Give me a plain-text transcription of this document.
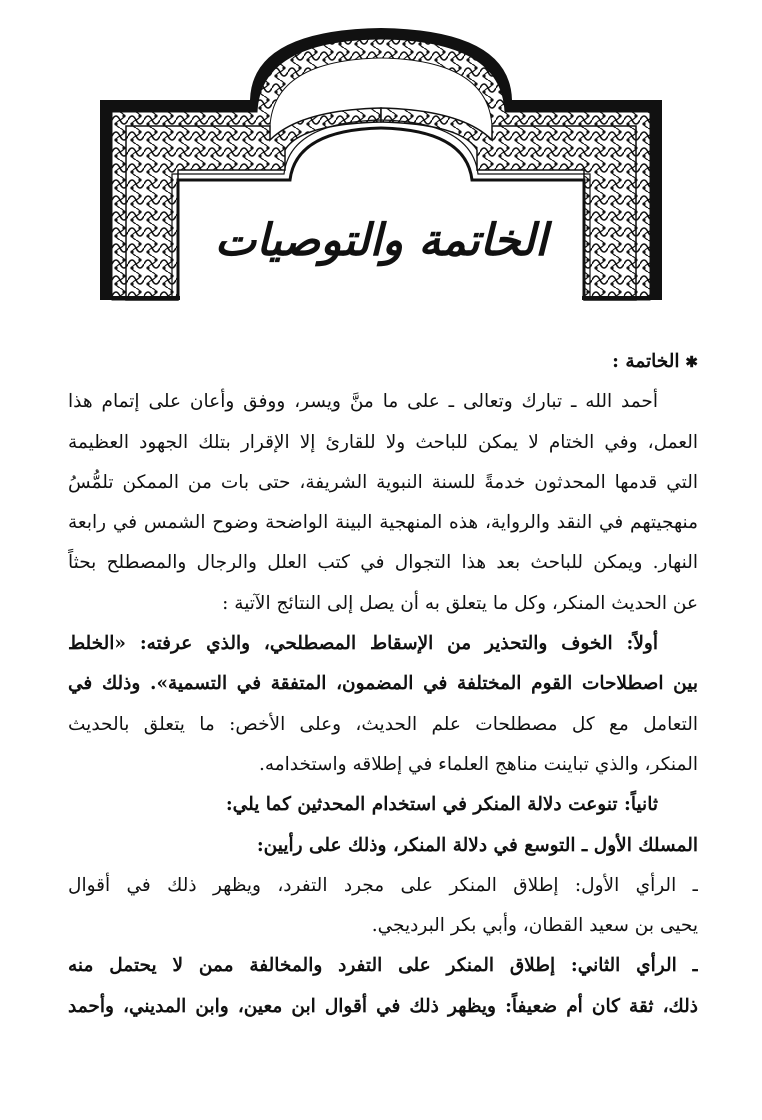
الخاتمة والتوصيات
✱ الخاتمة :
أحمد الله ـ تبارك وتعالى ـ على ما منَّ ويسر، ووفق وأعان على إتمام هذا
العمل، وفي الختام لا يمكن للباحث ولا للقارئ إلا الإقرار بتلك الجهود العظيمة
التي قدمها المحدثون خدمةً للسنة النبوية الشريفة، حتى بات من الممكن تلمُّسُ
منهجيتهم في النقد والرواية، هذه المنهجية البينة الواضحة وضوح الشمس في رابعة
النهار. ويمكن للباحث بعد هذا التجوال في كتب العلل والرجال والمصطلح بحثاً
عن الحديث المنكر، وكل ما يتعلق به أن يصل إلى النتائج الآتية :
أولاً: الخوف والتحذير من الإسقاط المصطلحي، والذي عرفته: «الخلط
بين اصطلاحات القوم المختلفة في المضمون، المتفقة في التسمية». وذلك في
التعامل مع كل مصطلحات علم الحديث، وعلى الأخص: ما يتعلق بالحديث
المنكر، والذي تباينت مناهج العلماء في إطلاقه واستخدامه.
ثانياً: تنوعت دلالة المنكر في استخدام المحدثين كما يلي:
المسلك الأول ـ التوسع في دلالة المنكر، وذلك على رأيين:
ـ الرأي الأول: إطلاق المنكر على مجرد التفرد، ويظهر ذلك في أقوال
يحيى بن سعيد القطان، وأبي بكر البرديجي.
ـ الرأي الثاني: إطلاق المنكر على التفرد والمخالفة ممن لا يحتمل منه
ذلك، ثقة كان أم ضعيفاً: ويظهر ذلك في أقوال ابن معين، وابن المديني، وأحمد
